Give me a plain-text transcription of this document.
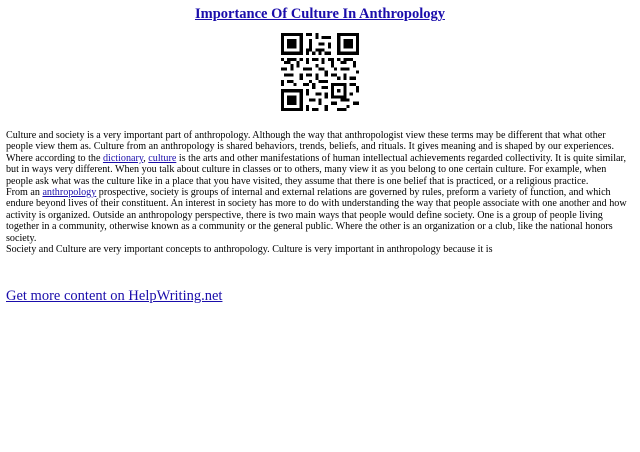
Importance Of Culture In Anthropology

Culture and society is a very important part of anthropology. Although the way that anthropologist view these terms may be different that what other people view them as. Culture from an anthropology is shared behaviors, trends, beliefs, and rituals. It gives meaning and is shaped by our experiences. Where according to the dictionary, culture is the arts and other manifestations of human intellectual achievements regarded collectivity. It is quite similar, but in ways very different. When you talk about culture in classes or to others, many view it as you belong to one certain culture. For example, when people ask what was the culture like in a place that you have visited, they assume that there is one belief that is practiced, or a religious practice.

From an anthropology prospective, society is groups of internal and external relations are governed by rules, preform a variety of function, and which endure beyond lives of their constituent. An interest in society has more to do with understanding the way that people associate with one another and how activity is organized. Outside an anthropology perspective, there is two main ways that people would define society. One is a group of people living together in a community, otherwise known as a community or the general public. Where the other is an organization or a club, like the national honors society.

Society and Culture are very important concepts to anthropology. Culture is very important in anthropology because it is

Get more content on HelpWriting.net
